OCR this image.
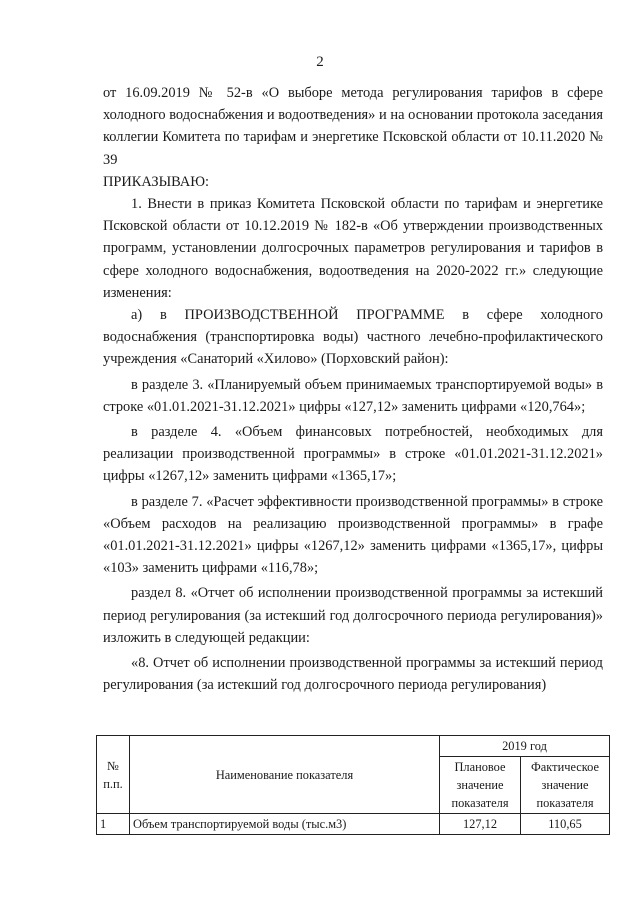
2

от 16.09.2019 № 52-в «О выборе метода регулирования тарифов в сфере холодного водоснабжения и водоотведения» и на основании протокола заседания коллегии Комитета по тарифам и энергетике Псковской области от 10.11.2020 № 39

ПРИКАЗЫВАЮ:

1. Внести в приказ Комитета Псковской области по тарифам и энергетике Псковской области от 10.12.2019 № 182-в «Об утверждении производственных программ, установлении долгосрочных параметров регулирования и тарифов в сфере холодного водоснабжения, водоотведения на 2020-2022 гг.» следующие изменения:

а) в ПРОИЗВОДСТВЕННОЙ ПРОГРАММЕ в сфере холодного водоснабжения (транспортировка воды) частного лечебно-профилактического учреждения «Санаторий «Хилово» (Порховский район):

в разделе 3. «Планируемый объем принимаемых транспортируемой воды» в строке «01.01.2021-31.12.2021» цифры «127,12» заменить цифрами «120,764»;

в разделе 4. «Объем финансовых потребностей, необходимых для реализации производственной программы» в строке «01.01.2021-31.12.2021» цифры «1267,12» заменить цифрами «1365,17»;

в разделе 7. «Расчет эффективности производственной программы» в строке «Объем расходов на реализацию производственной программы» в графе «01.01.2021-31.12.2021» цифры «1267,12» заменить цифрами «1365,17», цифры «103» заменить цифрами «116,78»;

раздел 8. «Отчет об исполнении производственной программы за истекший период регулирования (за истекший год долгосрочного периода регулирования)» изложить в следующей редакции:

«8. Отчет об исполнении производственной программы за истекший период регулирования (за истекший год долгосрочного периода регулирования)

№ п.п.	Наименование показателя	2019 год	
		Плановое значение показателя	Фактическое значение показателя
1	Объем транспортируемой воды (тыс.м3)	127,12	110,65
